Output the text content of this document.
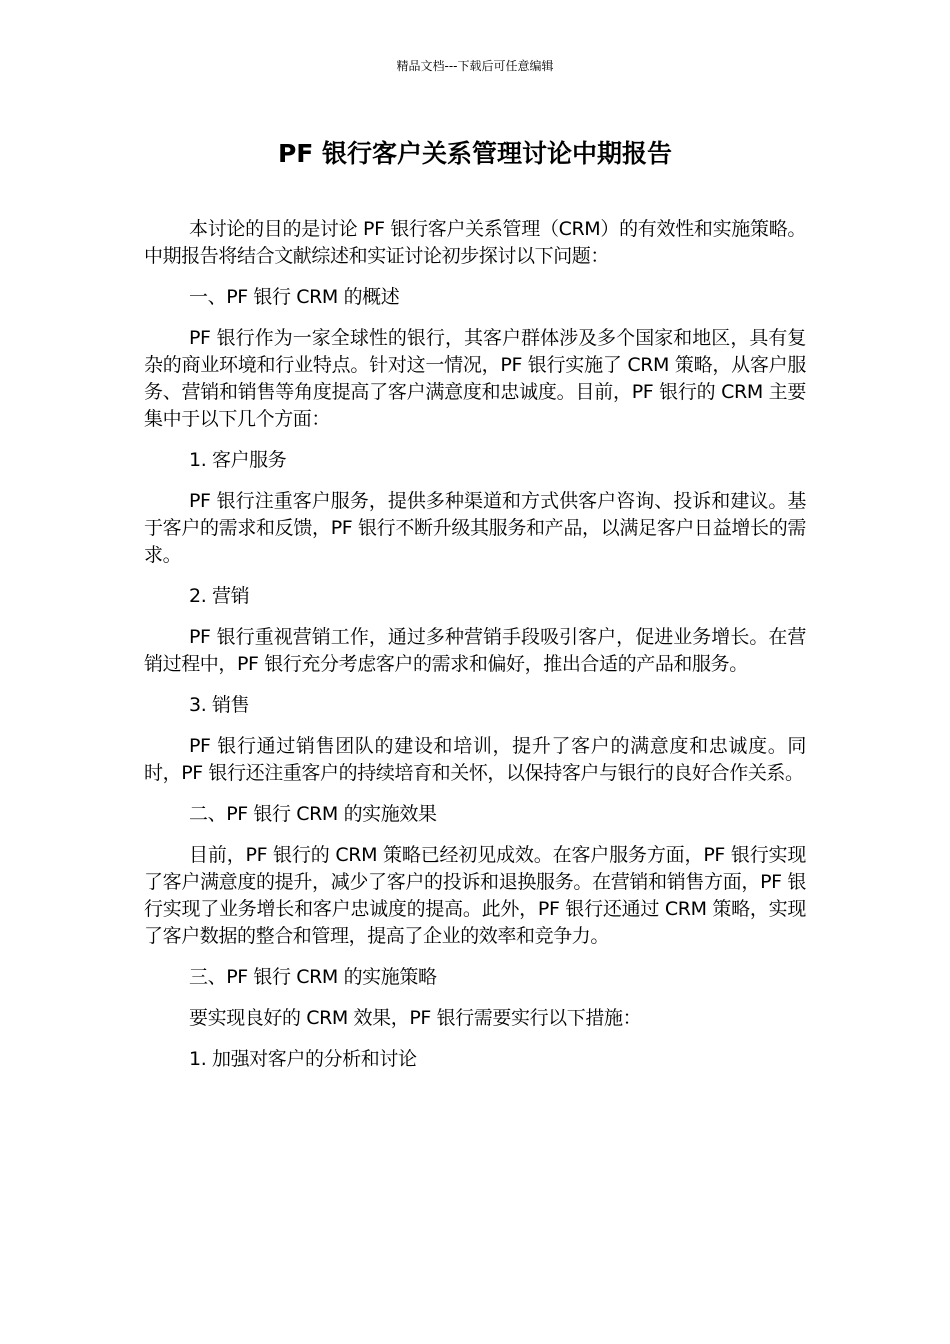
精品文档---下载后可任意编辑
PF 银行客户关系管理讨论中期报告

本讨论的目的是讨论 PF 银行客户关系管理（CRM）的有效性和实施策略。中期报告将结合文献综述和实证讨论初步探讨以下问题：

一、PF 银行 CRM 的概述

PF 银行作为一家全球性的银行，其客户群体涉及多个国家和地区，具有复杂的商业环境和行业特点。针对这一情况，PF 银行实施了 CRM 策略，从客户服务、营销和销售等角度提高了客户满意度和忠诚度。目前，PF 银行的 CRM 主要集中于以下几个方面：

1. 客户服务

PF 银行注重客户服务，提供多种渠道和方式供客户咨询、投诉和建议。基于客户的需求和反馈，PF 银行不断升级其服务和产品，以满足客户日益增长的需求。

2. 营销

PF 银行重视营销工作，通过多种营销手段吸引客户，促进业务增长。在营销过程中，PF 银行充分考虑客户的需求和偏好，推出合适的产品和服务。

3. 销售

PF 银行通过销售团队的建设和培训，提升了客户的满意度和忠诚度。同时，PF 银行还注重客户的持续培育和关怀，以保持客户与银行的良好合作关系。

二、PF 银行 CRM 的实施效果

目前，PF 银行的 CRM 策略已经初见成效。在客户服务方面，PF 银行实现了客户满意度的提升，减少了客户的投诉和退换服务。在营销和销售方面，PF 银行实现了业务增长和客户忠诚度的提高。此外，PF 银行还通过 CRM 策略，实现了客户数据的整合和管理，提高了企业的效率和竞争力。

三、PF 银行 CRM 的实施策略

要实现良好的 CRM 效果，PF 银行需要实行以下措施：

1. 加强对客户的分析和讨论
